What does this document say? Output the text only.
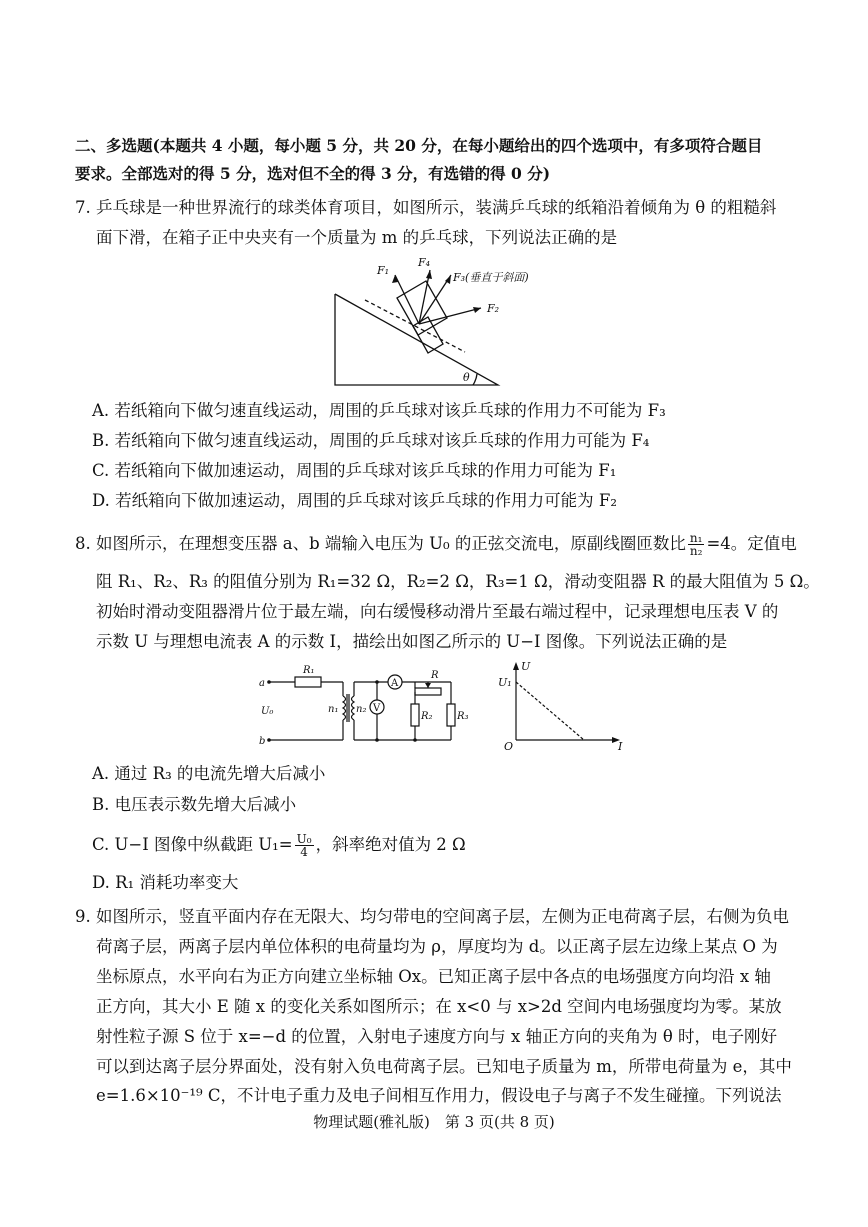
二、多选题(本题共 4 小题，每小题 5 分，共 20 分，在每小题给出的四个选项中，有多项符合题目
要求。全部选对的得 5 分，选对但不全的得 3 分，有选错的得 0 分)
7. 乒乓球是一种世界流行的球类体育项目，如图所示，装满乒乓球的纸箱沿着倾角为 θ 的粗糙斜
面下滑，在箱子正中央夹有一个质量为 m 的乒乓球，下列说法正确的是
F₁
F₄
F₃(垂直于斜面)
F₂
θ
A. 若纸箱向下做匀速直线运动，周围的乒乓球对该乒乓球的作用力不可能为 F₃
B. 若纸箱向下做匀速直线运动，周围的乒乓球对该乒乓球的作用力可能为 F₄
C. 若纸箱向下做加速运动，周围的乒乓球对该乒乓球的作用力可能为 F₁
D. 若纸箱向下做加速运动，周围的乒乓球对该乒乓球的作用力可能为 F₂
8. 如图所示，在理想变压器 a、b 端输入电压为 U₀ 的正弦交流电，原副线圈匝数比 $\frac{\text{n₁}}{\text{n₂}} =4$。定值电
阻 R₁、R₂、R₃ 的阻值分别为 R₁=32 Ω，R₂=2 Ω，R₃=1 Ω，滑动变阻器 R 的最大阻值为 5 Ω。
初始时滑动变阻器滑片位于最左端，向右缓慢移动滑片至最右端过程中，记录理想电压表 V 的
示数 U 与理想电流表 A 的示数 I，描绘出如图乙所示的 U−I 图像。下列说法正确的是
a
b
U₀
R₁
n₁ n₂
A
V
R
R₂ R₃
U
U₁
O	I
A. 通过 R₃ 的电流先增大后减小
B. 电压表示数先增大后减小
C. U−I 图像中纵截距 $U_1= \frac{\text{U₀}}{4}$ ，斜率绝对值为 2 Ω
D. R₁ 消耗功率变大
9. 如图所示，竖直平面内存在无限大、均匀带电的空间离子层，左侧为正电荷离子层，右侧为负电
荷离子层，两离子层内单位体积的电荷量均为 ρ，厚度均为 d。以正离子层左边缘上某点 O 为
坐标原点，水平向右为正方向建立坐标轴 Ox。已知正离子层中各点的电场强度方向均沿 x 轴
正方向，其大小 E 随 x 的变化关系如图所示；在 x<0 与 x>2d 空间内电场强度均为零。某放
射性粒子源 S 位于 x=−d 的位置，入射电子速度方向与 x 轴正方向的夹角为 θ 时，电子刚好
可以到达离子层分界面处，没有射入负电荷离子层。已知电子质量为 m，所带电荷量为 e，其中
e=1.6×10⁻¹⁹ C，不计电子重力及电子间相互作用力，假设电子与离子不发生碰撞。下列说法
物理试题(雅礼版)　第 3 页(共 8 页)
